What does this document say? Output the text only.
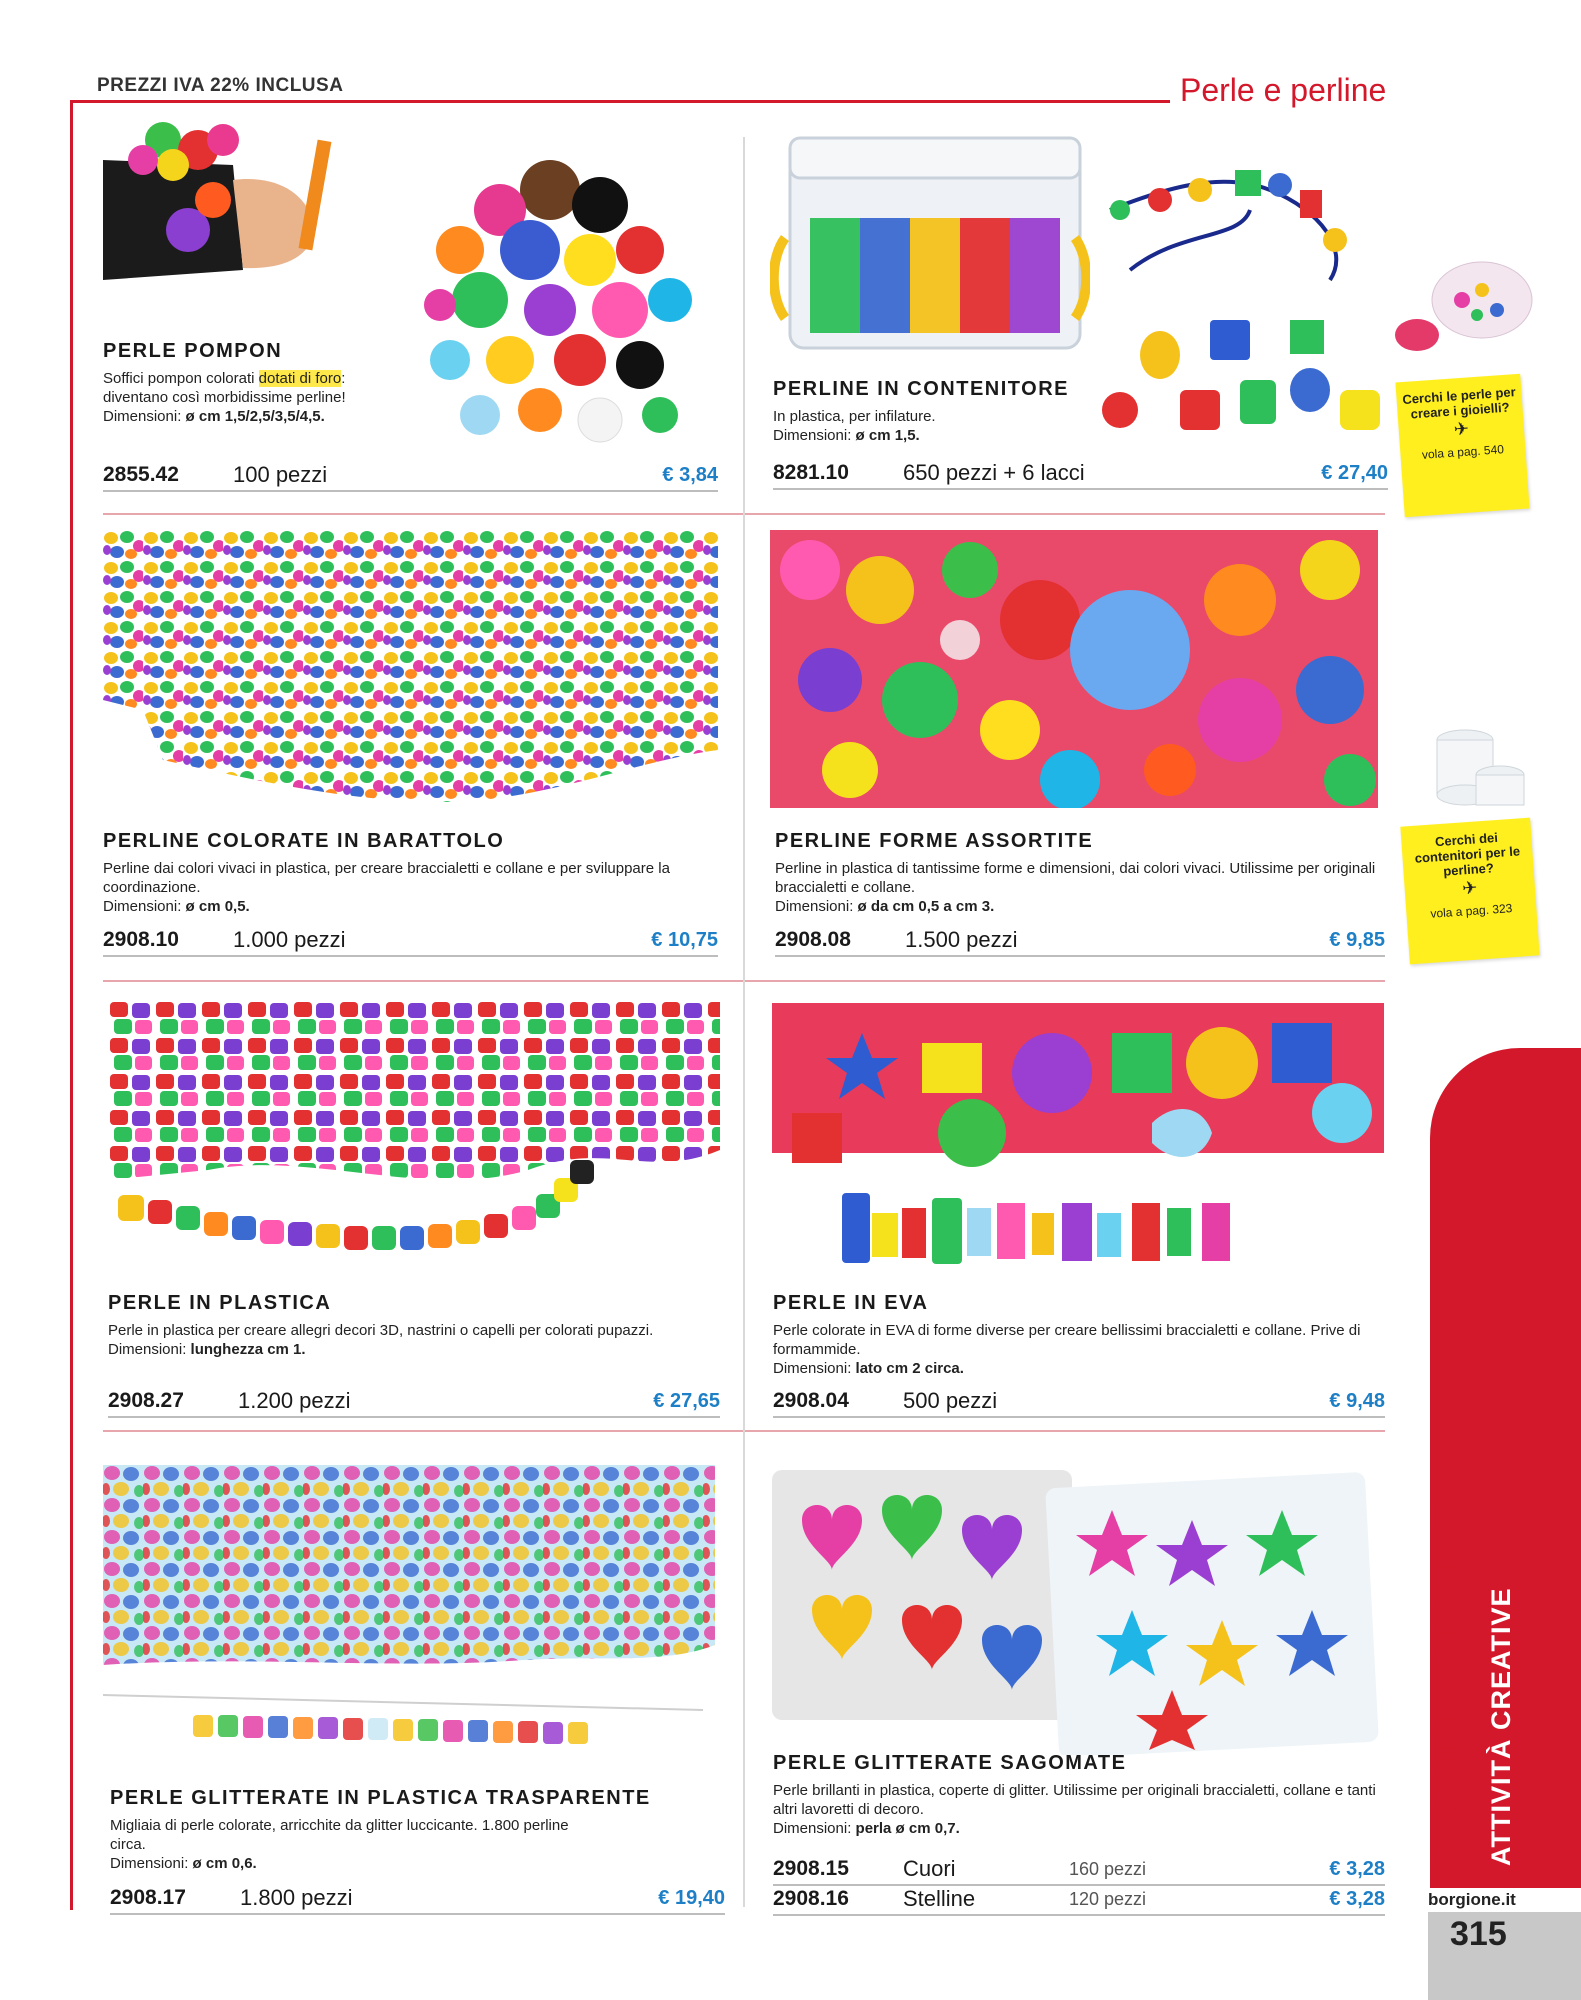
PREZZI IVA 22% INCLUSA	Perle e perline
PERLE POMPON
Soffici pompon colorati dotati di foro: diventano così morbidissime perline!
Dimensioni: ø cm 1,5/2,5/3,5/4,5.
2855.42	100 pezzi	€ 3,84
PERLINE IN CONTENITORE
In plastica, per infilature.
Dimensioni: ø cm 1,5.
8281.10	650 pezzi + 6 lacci	€ 27,40
PERLINE COLORATE IN BARATTOLO
Perline dai colori vivaci in plastica, per creare braccialetti e collane e per sviluppare la coordinazione.
Dimensioni: ø cm 0,5.
2908.10	1.000 pezzi	€ 10,75
PERLINE FORME ASSORTITE
Perline in plastica di tantissime forme e dimensioni, dai colori vivaci. Utilissime per originali braccialetti e collane.
Dimensioni: ø da cm 0,5 a cm 3.
2908.08	1.500 pezzi	€ 9,85
PERLE IN PLASTICA
Perle in plastica per creare allegri decori 3D, nastrini o capelli per colorati pupazzi.
Dimensioni: lunghezza cm 1.
2908.27	1.200 pezzi	€ 27,65
PERLE IN EVA
Perle colorate in EVA di forme diverse per creare bellissimi braccialetti e collane. Prive di formammide.
Dimensioni: lato cm 2 circa.
2908.04	500 pezzi	€ 9,48
PERLE GLITTERATE IN PLASTICA TRASPARENTE
Migliaia di perle colorate, arricchite da glitter luccicante. 1.800 perline circa.
Dimensioni: ø cm 0,6.
2908.17	1.800 pezzi	€ 19,40
PERLE GLITTERATE SAGOMATE
Perle brillanti in plastica, coperte di glitter. Utilissime per originali braccialetti, collane e tanti altri lavoretti di decoro.
Dimensioni: perla ø cm 0,7.
2908.15	Cuori	160 pezzi	€ 3,28
2908.16	Stelline	120 pezzi	€ 3,28
Cerchi le perle per creare i gioielli?
✈
vola a pag. 540
Cerchi dei contenitori per le perline?
✈
vola a pag. 323
DECORI E GLITTER ATTIVITÀ CREATIVE
borgione.it
315
